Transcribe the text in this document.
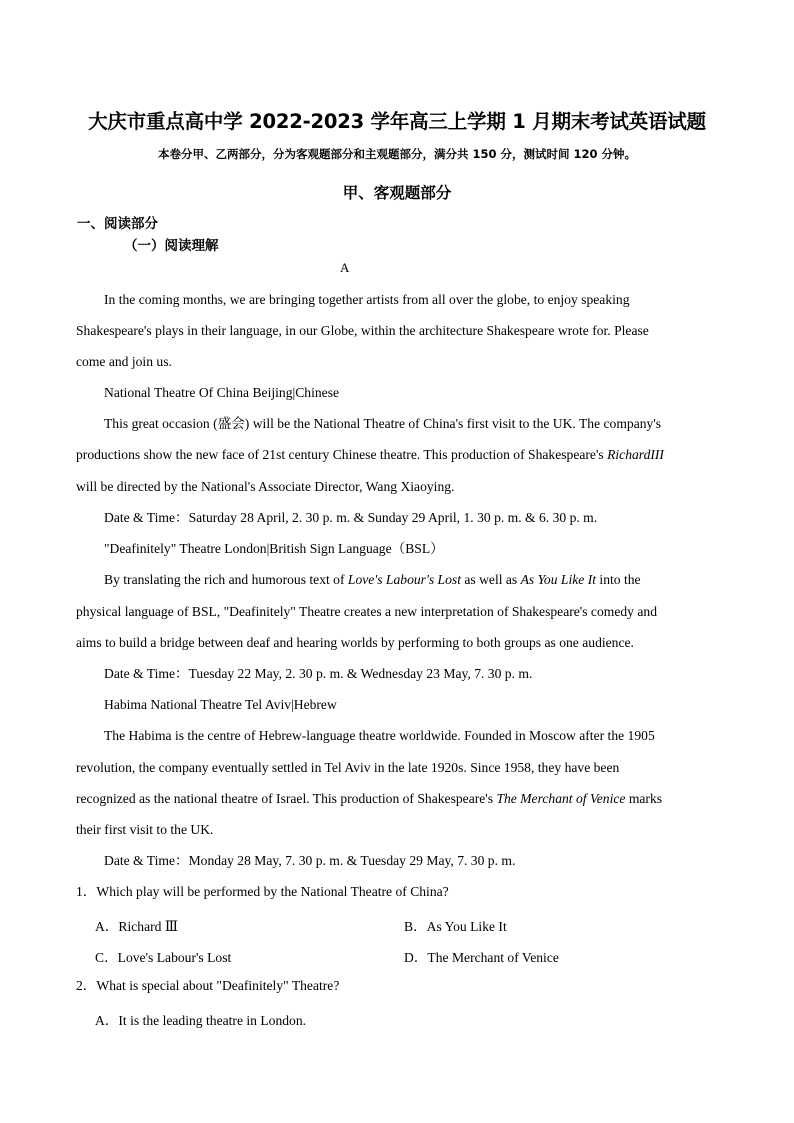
大庆市重点高中学 2022-2023 学年高三上学期 1 月期末考试英语试题
本卷分甲、乙两部分，分为客观题部分和主观题部分，满分共 150 分，测试时间 120 分钟。
甲、客观题部分
一、阅读部分
（一）阅读理解
A
In the coming months, we are bringing together artists from all over the globe, to enjoy speaking
Shakespeare's plays in their language, in our Globe, within the architecture Shakespeare wrote for. Please
come and join us.
National Theatre Of China Beijing|Chinese
This great occasion (盛会) will be the National Theatre of China's first visit to the UK. The company's
productions show the new face of 21st century Chinese theatre. This production of Shakespeare's RichardIII
will be directed by the National's Associate Director, Wang Xiaoying.
Date & Time：Saturday 28 April, 2. 30 p. m. & Sunday 29 April, 1. 30 p. m. & 6. 30 p. m.
"Deafinitely" Theatre London|British Sign Language（BSL）
By translating the rich and humorous text of Love's Labour's Lost as well as As You Like It into the
physical language of BSL, "Deafinitely" Theatre creates a new interpretation of Shakespeare's comedy and
aims to build a bridge between deaf and hearing worlds by performing to both groups as one audience.
Date & Time：Tuesday 22 May, 2. 30 p. m. & Wednesday 23 May, 7. 30 p. m.
Habima National Theatre Tel Aviv|Hebrew
The Habima is the centre of Hebrew-language theatre worldwide. Founded in Moscow after the 1905
revolution, the company eventually settled in Tel Aviv in the late 1920s. Since 1958, they have been
recognized as the national theatre of Israel. This production of Shakespeare's The Merchant of Venice marks
their first visit to the UK.
Date & Time：Monday 28 May, 7. 30 p. m. & Tuesday 29 May, 7. 30 p. m.
1．Which play will be performed by the National Theatre of China?
A．Richard Ⅲ	B．As You Like It
C．Love's Labour's Lost	D．The Merchant of Venice
2．What is special about "Deafinitely" Theatre?
A．It is the leading theatre in London.
